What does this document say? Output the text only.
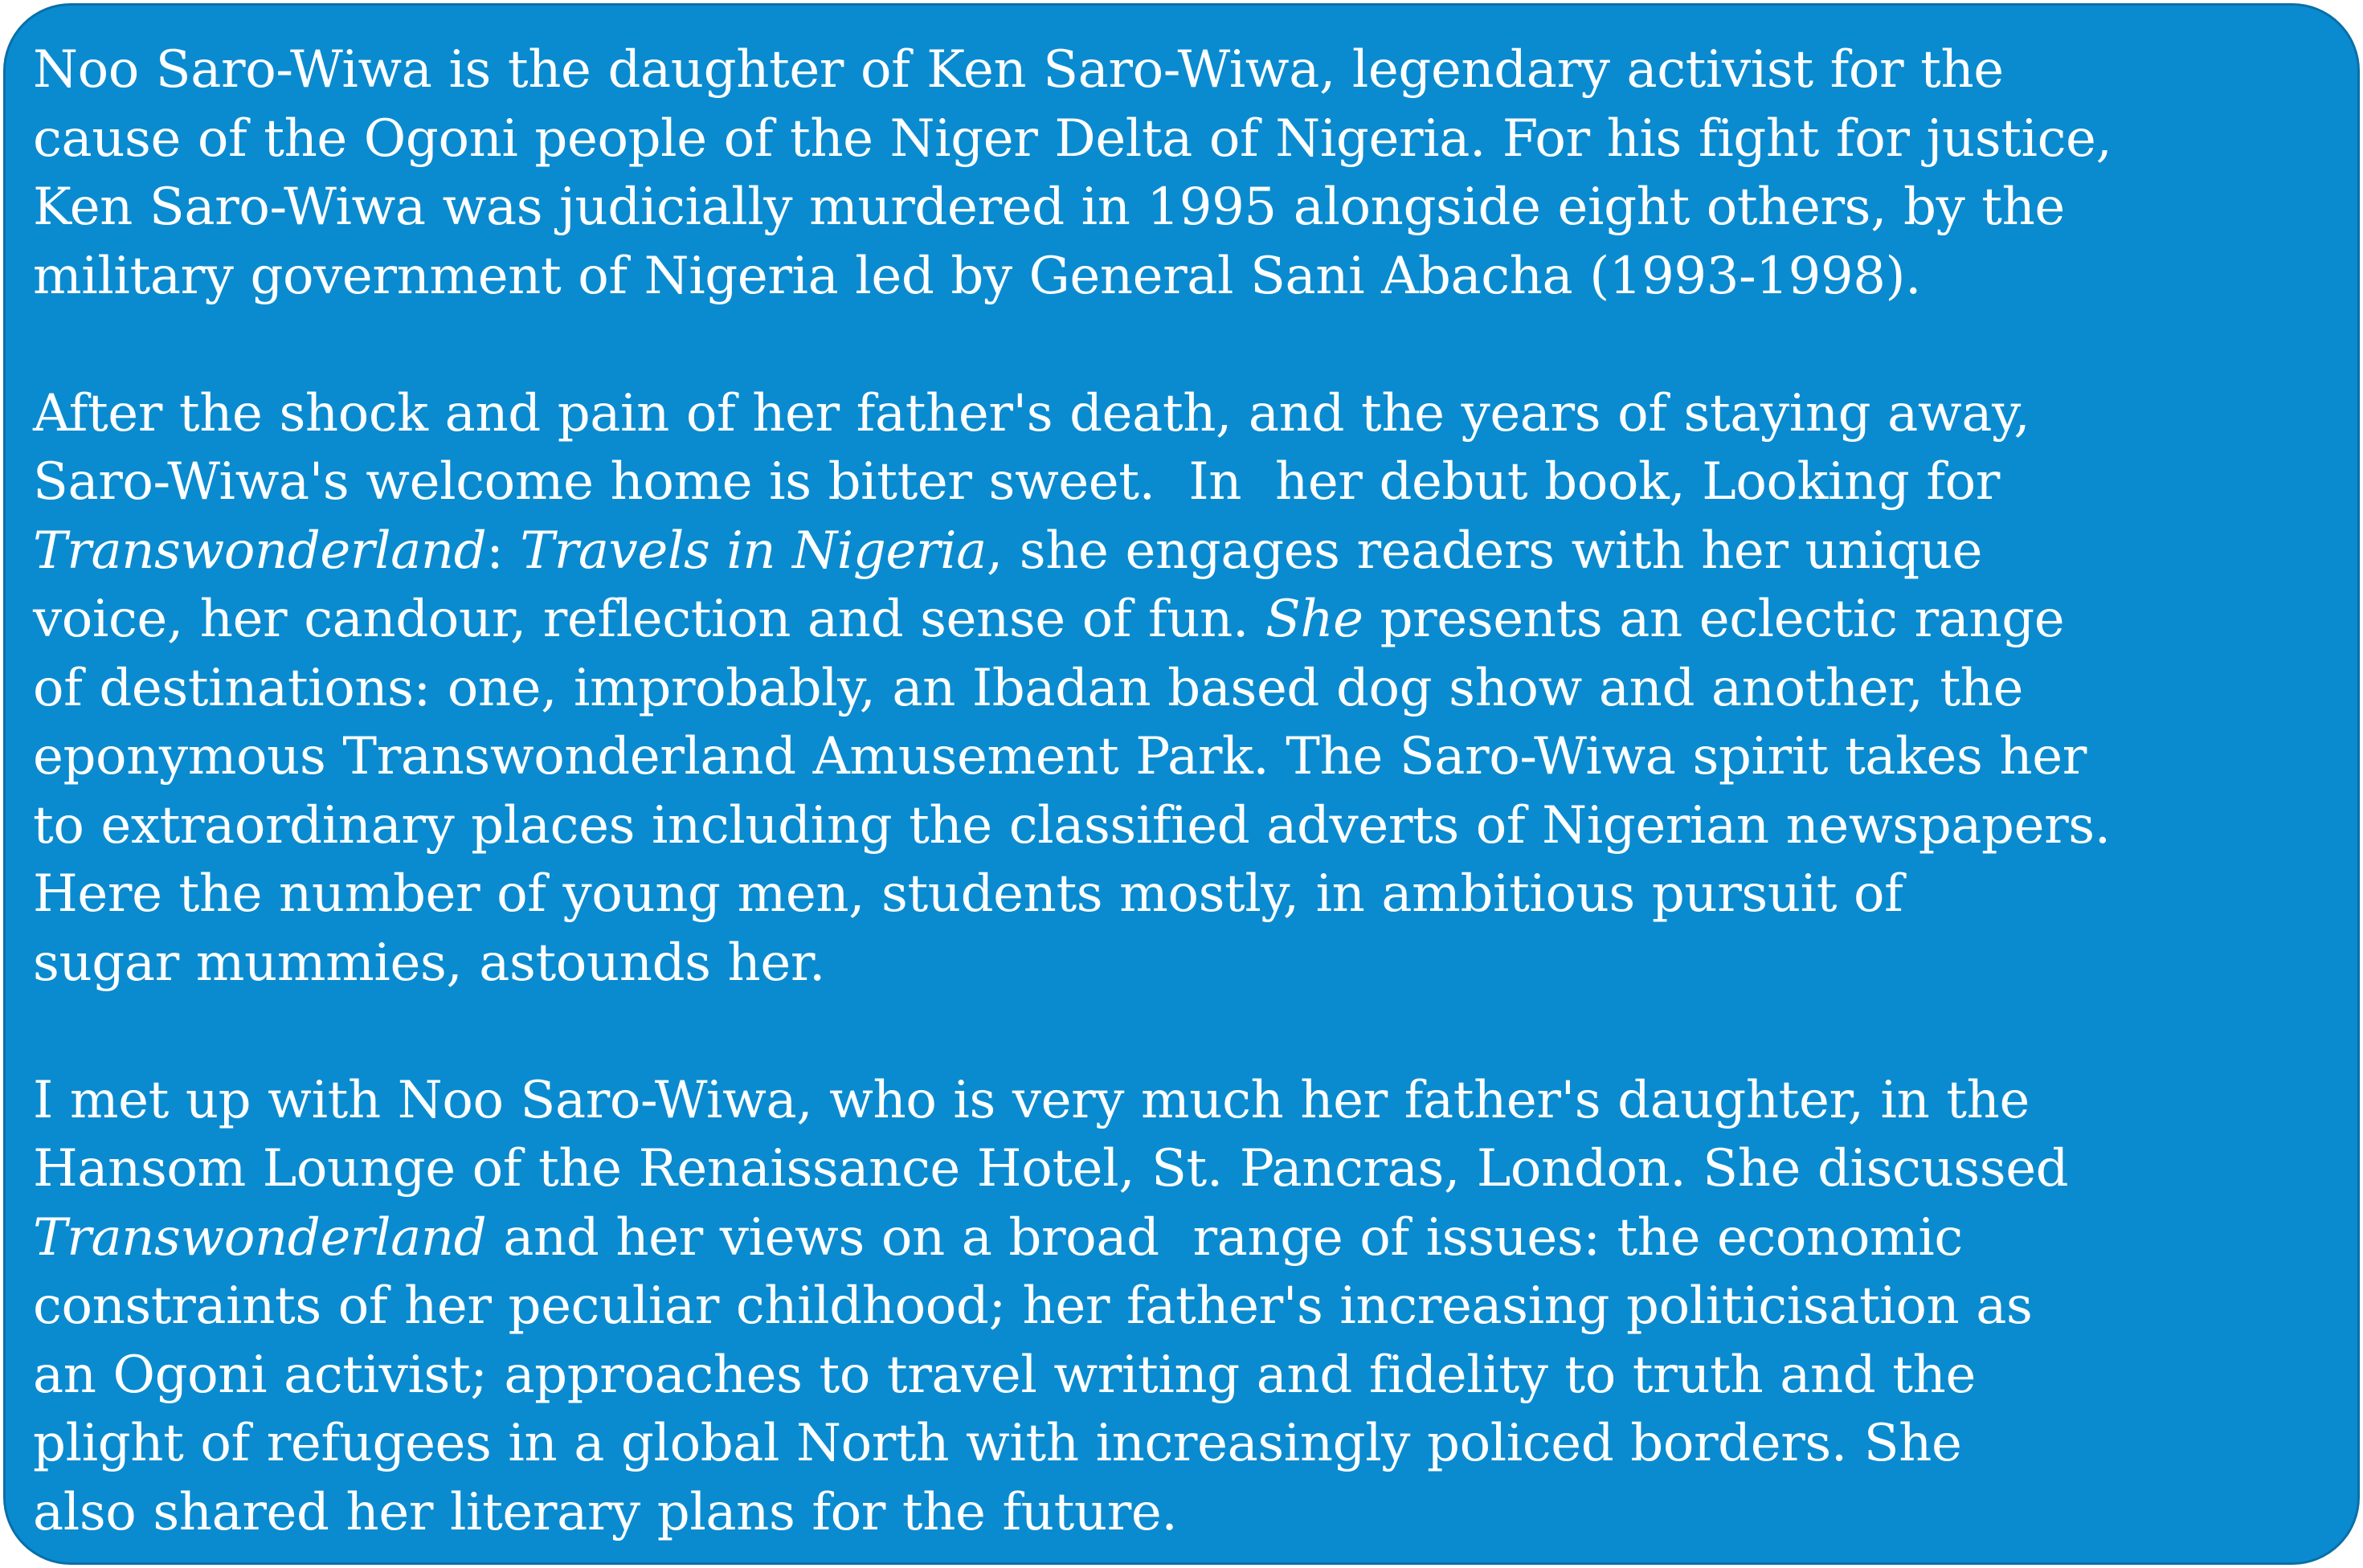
Noo Saro-Wiwa is the daughter of Ken Saro-Wiwa, legendary activist for the
cause of the Ogoni people of the Niger Delta of Nigeria. For his fight for justice,
Ken Saro-Wiwa was judicially murdered in 1995 alongside eight others, by the
military government of Nigeria led by General Sani Abacha (1993-1998).

After the shock and pain of her father's death, and the years of staying away,
Saro-Wiwa's welcome home is bitter sweet.  In  her debut book, Looking for
Transwonderland: Travels in Nigeria, she engages readers with her unique
voice, her candour, reflection and sense of fun. She presents an eclectic range
of destinations: one, improbably, an Ibadan based dog show and another, the
eponymous Transwonderland Amusement Park. The Saro-Wiwa spirit takes her
to extraordinary places including the classified adverts of Nigerian newspapers.
Here the number of young men, students mostly, in ambitious pursuit of
sugar mummies, astounds her.

I met up with Noo Saro-Wiwa, who is very much her father's daughter, in the
Hansom Lounge of the Renaissance Hotel, St. Pancras, London. She discussed
Transwonderland and her views on a broad  range of issues: the economic
constraints of her peculiar childhood; her father's increasing politicisation as
an Ogoni activist; approaches to travel writing and fidelity to truth and the
plight of refugees in a global North with increasingly policed borders. She
also shared her literary plans for the future.
